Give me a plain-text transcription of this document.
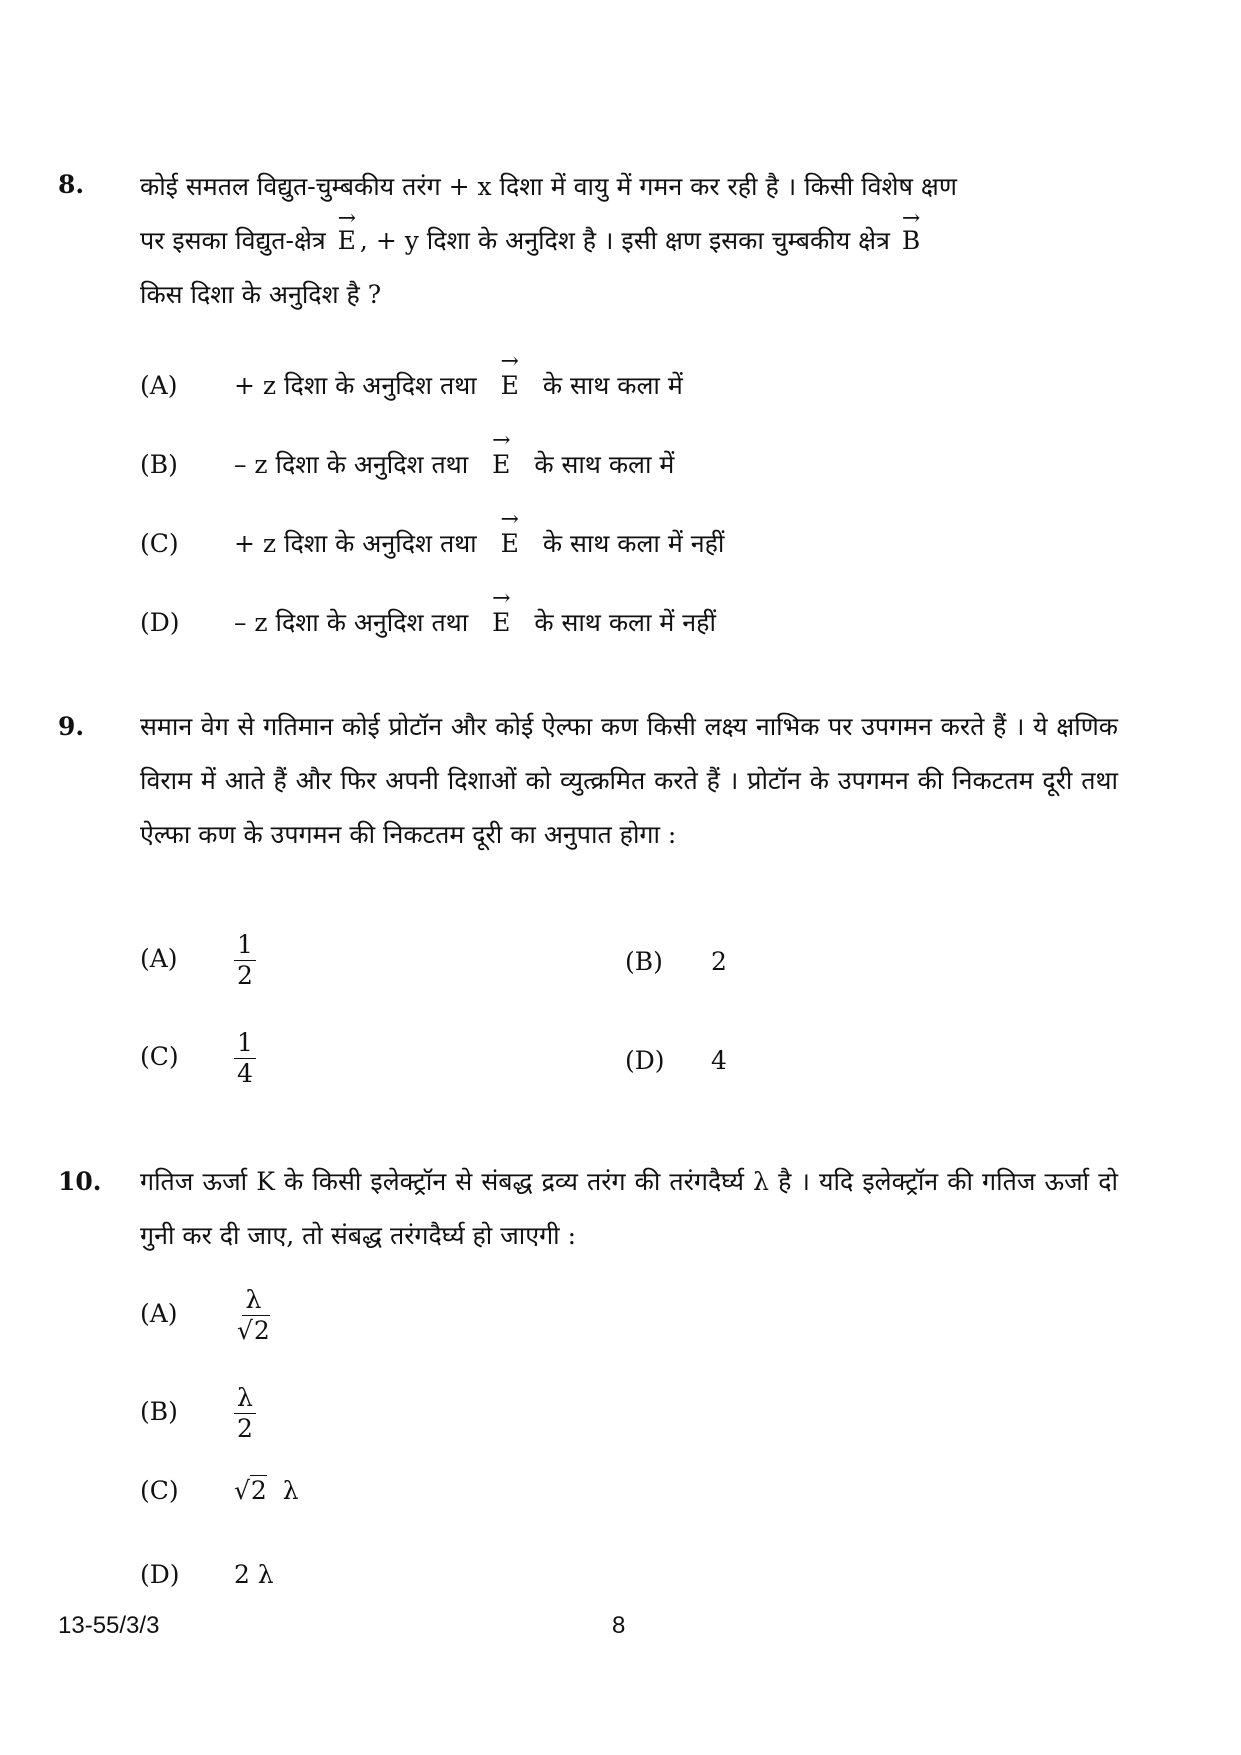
8. कोई समतल विद्युत-चुम्बकीय तरंग + x दिशा में वायु में गमन कर रही है । किसी विशेष क्षण
पर इसका विद्युत-क्षेत्र → E , + y दिशा के अनुदिश है । इसी क्षण इसका चुम्बकीय क्षेत्र → B
किस दिशा के अनुदिश है ?
(A) + z दिशा के अनुदिश तथा → E के साथ कला में
(B) – z दिशा के अनुदिश तथा → E के साथ कला में
(C) + z दिशा के अनुदिश तथा → E के साथ कला में नहीं
(D) – z दिशा के अनुदिश तथा → E के साथ कला में नहीं
9. समान वेग से गतिमान कोई प्रोटॉन और कोई ऐल्फा कण किसी लक्ष्य नाभिक पर उपगमन करते हैं । ये क्षणिक विराम में आते हैं और फिर अपनी दिशाओं को व्युत्क्रमित करते हैं । प्रोटॉन के उपगमन की निकटतम दूरी तथा ऐल्फा कण के उपगमन की निकटतम दूरी का अनुपात होगा :
$(A) \frac{1}{2}$	(B) 2
$(C) \frac{1}{4}$	(D) 4
10. गतिज ऊर्जा K के किसी इलेक्ट्रॉन से संबद्ध द्रव्य तरंग की तरंगदैर्घ्य λ है । यदि इलेक्ट्रॉन की गतिज ऊर्जा दो गुनी कर दी जाए, तो संबद्ध तरंगदैर्घ्य हो जाएगी :
$(A) \frac{\lambda}{√2}$
$(B) \frac{\lambda}{2}$
(C) √2 λ
(D) 2 λ
13-55/3/3	8
